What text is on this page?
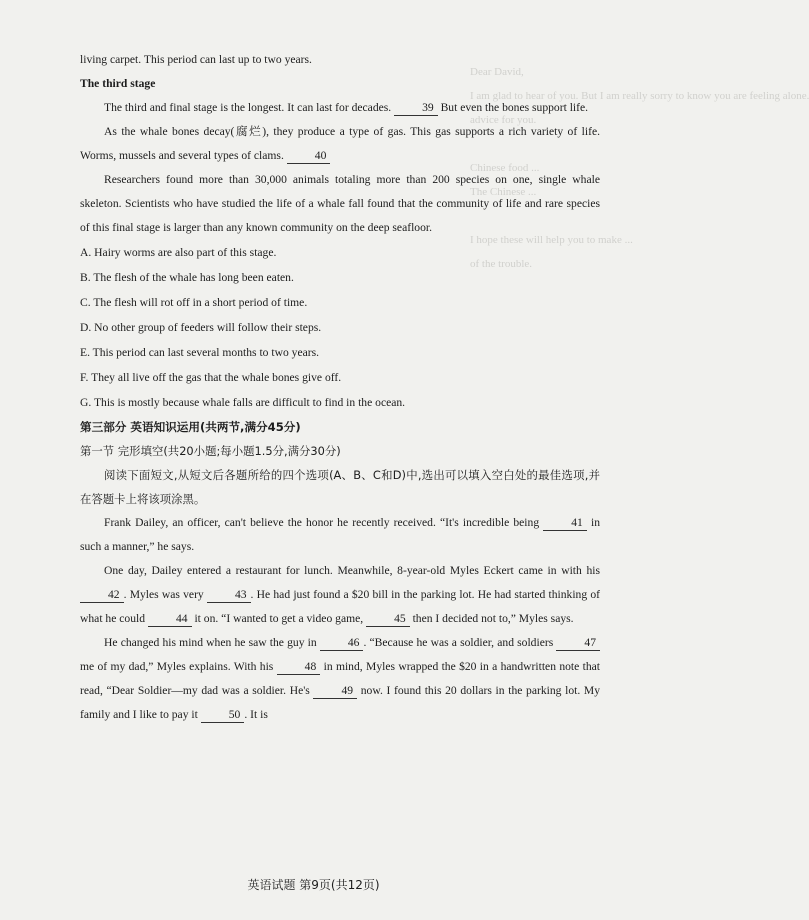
Dear David,
I am glad to hear of you. But I am really sorry to know you are feeling alone.
advice for you.

Chinese food ...
The Chinese ...

I hope these will help you to make ...
of the trouble.

living carpet. This period can last up to two years.

The third stage

The third and final stage is the longest. It can last for decades.	39 But even the bones support life.

As the whale bones decay(腐烂), they produce a type of gas. This gas supports a rich variety of life. Worms, mussels and several types of clams.	40

Researchers found more than 30,000 animals totaling more than 200 species on one, single whale skeleton. Scientists who have studied the life of a whale fall found that the community of life and rare species of this final stage is larger than any known community on the deep seafloor.

A. Hairy worms are also part of this stage.

B. The flesh of the whale has long been eaten.

C. The flesh will rot off in a short period of time.

D. No other group of feeders will follow their steps.

E. This period can last several months to two years.

F. They all live off the gas that the whale bones give off.

G. This is mostly because whale falls are difficult to find in the ocean.

第三部分 英语知识运用(共两节,满分45分)

第一节 完形填空(共20小题;每小题1.5分,满分30分)

阅读下面短文,从短文后各题所给的四个选项(A、B、C和D)中,选出可以填入空白处的最佳选项,并在答题卡上将该项涂黑。

Frank Dailey, an officer, can't believe the honor he recently received. “It's incredible being	41 in such a manner,” he says.

One day, Dailey entered a restaurant for lunch. Meanwhile, 8-year-old Myles Eckert came in with his 42 . Myles was very	43 . He had just found a $20 bill in the parking lot. He had started thinking of what he could	44 it on. “I wanted to get a video game,	45 then I decided not to,” Myles says.

He changed his mind when he saw the guy in	46 . “Because he was a soldier, and soldiers	47 me of my dad,” Myles explains. With his	48 in mind, Myles wrapped the $20 in a handwritten note that read, “Dear Soldier—my dad was a soldier. He's	49 now. I found this 20 dollars in the parking lot. My family and I like to pay it	50 . It is

英语试题 第9页(共12页)
